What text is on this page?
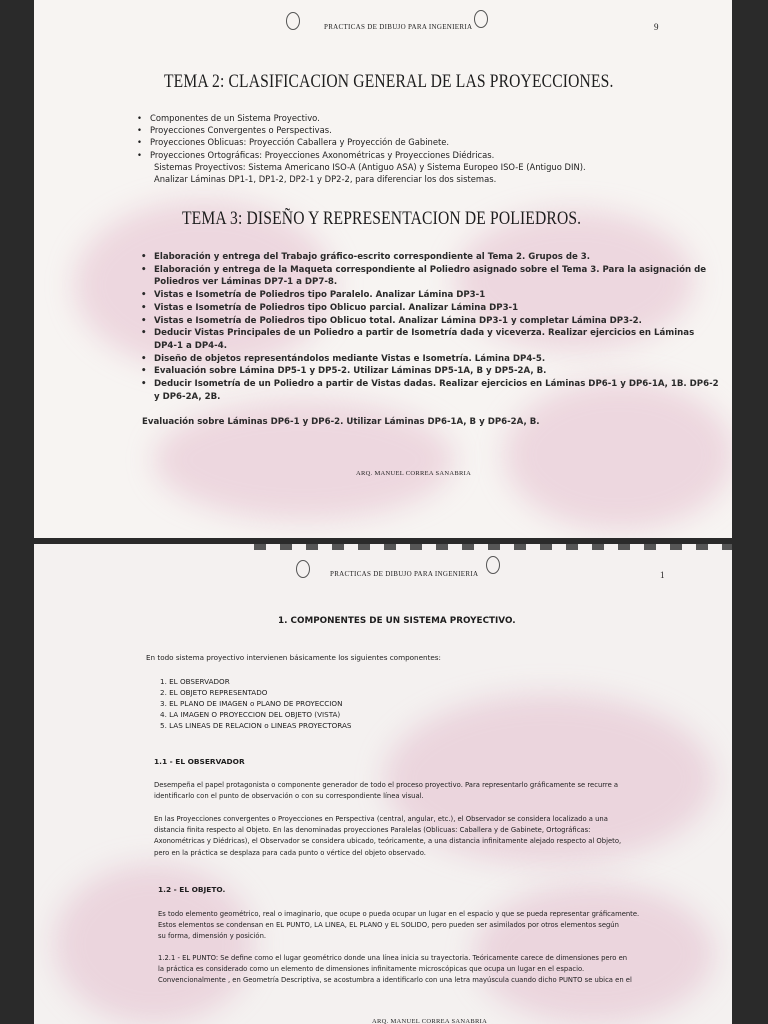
PRACTICAS DE DIBUJO PARA INGENIERIA	9
TEMA 2: CLASIFICACION GENERAL DE LAS PROYECCIONES.
• Componentes de un Sistema Proyectivo.
• Proyecciones Convergentes o Perspectivas.
• Proyecciones Oblicuas: Proyección Caballera y Proyección de Gabinete.
• Proyecciones Ortográficas: Proyecciones Axonométricas y Proyecciones Diédricas.
Sistemas Proyectivos: Sistema Americano ISO-A (Antiguo ASA) y Sistema Europeo ISO-E (Antiguo DIN).
Analizar Láminas DP1-1, DP1-2, DP2-1 y DP2-2, para diferenciar los dos sistemas.
TEMA 3: DISEÑO Y REPRESENTACION DE POLIEDROS.
• Elaboración y entrega del Trabajo gráfico-escrito correspondiente al Tema 2. Grupos de 3.
• Elaboración y entrega de la Maqueta correspondiente al Poliedro asignado sobre el Tema 3. Para la asignación de Poliedros ver Láminas DP7-1 a DP7-8.
• Vistas e Isometría de Poliedros tipo Paralelo. Analizar Lámina DP3-1
• Vistas e Isometría de Poliedros tipo Oblicuo parcial. Analizar Lámina DP3-1
• Vistas e Isometría de Poliedros tipo Oblicuo total. Analizar Lámina DP3-1 y completar Lámina DP3-2.
• Deducir Vistas Principales de un Poliedro a partir de Isometría dada y viceverza. Realizar ejercicios en Láminas DP4-1 a DP4-4.
• Diseño de objetos representándolos mediante Vistas e Isometría. Lámina DP4-5.
• Evaluación sobre Lámina DP5-1 y DP5-2. Utilizar Láminas DP5-1A, B y DP5-2A, B.
• Deducir Isometría de un Poliedro a partir de Vistas dadas. Realizar ejercicios en Láminas DP6-1 y DP6-1A, 1B. DP6-2 y DP6-2A, 2B.
Evaluación sobre Láminas DP6-1 y DP6-2. Utilizar Láminas DP6-1A, B y DP6-2A, B.
ARQ. MANUEL CORREA SANABRIA
PRACTICAS DE DIBUJO PARA INGENIERIA	1
1. COMPONENTES DE UN SISTEMA PROYECTIVO.
En todo sistema proyectivo intervienen básicamente los siguientes componentes:
1. EL OBSERVADOR
2. EL OBJETO REPRESENTADO
3. EL PLANO DE IMAGEN o PLANO DE PROYECCION
4. LA IMAGEN O PROYECCION DEL OBJETO (VISTA)
5. LAS LINEAS DE RELACION o LINEAS PROYECTORAS
1.1 - EL OBSERVADOR
Desempeña el papel protagonista o componente generador de todo el proceso proyectivo. Para representarlo gráficamente se recurre a
identificarlo con el punto de observación o con su correspondiente línea visual.
En las Proyecciones convergentes o Proyecciones en Perspectiva (central, angular, etc.), el Observador se considera localizado a una
distancia finita respecto al Objeto. En las denominadas proyecciones Paralelas (Oblicuas: Caballera y de Gabinete, Ortográficas:
Axonométricas y Diédricas), el Observador se considera ubicado, teóricamente, a una distancia infinitamente alejado respecto al Objeto,
pero en la práctica se desplaza para cada punto o vértice del objeto observado.
1.2 - EL OBJETO.
Es todo elemento geométrico, real o imaginario, que ocupe o pueda ocupar un lugar en el espacio y que se pueda representar gráficamente.
Estos elementos se condensan en EL PUNTO, LA LINEA, EL PLANO y EL SOLIDO, pero pueden ser asimilados por otros elementos según
su forma, dimensión y posición.
1.2.1 - EL PUNTO: Se define como el lugar geométrico donde una línea inicia su trayectoria. Teóricamente carece de dimensiones pero en
la práctica es considerado como un elemento de dimensiones infinitamente microscópicas que ocupa un lugar en el espacio.
Convencionalmente , en Geometría Descriptiva, se acostumbra a identificarlo con una letra mayúscula cuando dicho PUNTO se ubica en el
ARQ. MANUEL CORREA SANABRIA
